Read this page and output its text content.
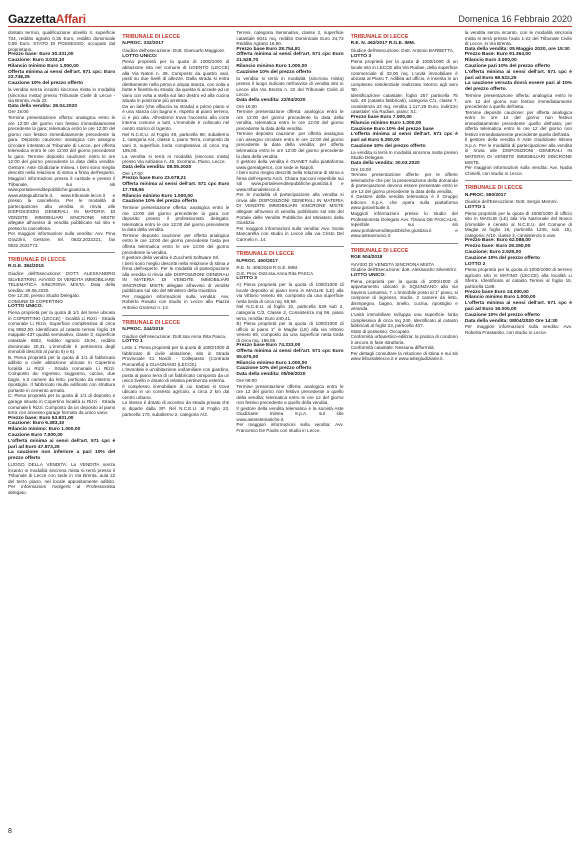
GazzettaAffari	Domenica 16 Febbraio 2020

dostato termici, qualificazione utivello 4, superficie 734, reddito agrario 0,35 Euro, reddito dominicale 0,89 Euro. STATO DI POSSESSO: occupato dal proprietario.

Prezzo base: Euro 30.331,00

Cauzione: Euro 3.033,10

Rilancio minimo Euro 1.000,00

Offerta minima ai sensi dell'art. 571 cpc: Euro 22.748,25

Cauzione 10% del prezzo offerto

la vendita senza incanto sincrona mista in modalità (sincrona mista) presso Tribunale Civile di Lecce - via Brenta, Aula 22.

Data della vendita: 28.04.2020

Ore 15:00

Termine presentazione offerta: analogica entro le ore 12:00 del giorno non festivo immediatamente precedente la gara; telematica entro le ore 12:00 del giorno non festivo immediatamente precedente la gara. Deposito cauzione: analogica con assegno circolare intestato al Tribunale di Lecce, per offerta telematica entro le ore 12:00 del giorno precedente la gara. Termine deposito cauzione: entro le ore 12:00 del giorno precedente la data della vendita. Gestore: Aste Giudiziarie Inlinea. I beni sono meglio descritti nella relazione di stima a firma dell'esperto. Maggiori informazioni presso il custode e presso il Tribunale, sui siti www.portalevenditepubbliche.giustizia.it, www.astegiudiziarie.it, www.tribunale.lecce.it e presso la cancelleria. Per le modalità di partecipazione alla vendita si rinvia alle DISPOSIZIONI GENERALI IN MATERIA DI VENDITE IMMOBILIARI SINCRONE MISTE allegate all'avviso di vendita pubblicato sul sito e presso la cancelleria.

Per maggiori informazioni sulla vendita: Avv. Pina Grazzini, Gestore, tel. 0832.2022221, fax 0832.2022773.

TRIBUNALE DI LECCE

R.G.E. 384/2015

Giudice dell'Esecuzione: DOTT. ALESSANDRO SILVESTRINI. AVVISO DI VENDITA IMMOBILIARE TELEMATICA SINCRONA MISTA. Data della vendita: 29.05.2020.

Ore 12:30, presso Studio Delegato.

COMUNE DI COPERTINO

LOTTO UNICO.

Piena proprietà per la quota di 1/1 del bene ubicato in COPERTINO (LECCE) - località Li Rizzi - Strada comunale Li Rizzi. Superficie complessiva di circa mq 9552,00. Identificato al catasto terreni foglio 19 mappale 437 qualità seminativo, classe 3, superficie catastale 6552, reddito agrario 19,94, reddito dominicale 20,31. L'immobile è pertinenza degli immobili descritti al punto 5) e 6).

B. Piena proprietà per la quota di 1/1 di fabbricato adibito a civile abitazione ubicato in Copertino località Li Rizzi - Strada comunale Li Rizzi. Composto da: ingresso, soggiorno, cucina, due bagni, n.3 camere da letto, porticato da esterno e ripostiglio. Il fabbricato risulta edificato con struttura portante in cemento armato.

C. Piena proprietà per la quota di 1/1 di deposito e garage situato in Copertino località Li Rizzi - Strada comunale li Rizzi. Composto da un deposito al piano terra con annesso garage formato da unico vano.

Prezzo base: Euro 63.831,00

Cauzione: Euro 6.383,10

Rilancio minimo: Euro 1.000,00

Cauzione Euro 7.000,00

L'offerta minima ai sensi dell'art. 571 cpc è pari ad Euro 47.873,25

La cauzione non inferiore a pari 10% del prezzo offerto

LUOGO DELLA VENDITA: La VENDITA senza incanto in modalità sincrona mista si terrà presso il Tribunale di Lecce con sede in Via Brenta, aula 22 del terzo piano, nel locale appositamente adibito. Per informazioni rivolgersi al Professionista delegato.

TRIBUNALE DI LECCE

N.PROC. 332/2017

Giudice dell'esecuzione: Dott. Giancarlo Maggiore.

LOTTO UNICO:

Piena proprietà per la quota di 1000/1000 di abitazione sita nel comune di UGENTO (LECCE) alla Via Natori n. 39. Composto da quattro vani, posti su due livelli di altezze. Dalla strada si entra direttamente nella prima e ampia stanza, con volta a botte e finestra su strada; da questa si accede ad un vano con volta a stella sul lato destro ed alla cucina situata in posizione più arretrata.

Da un lato (che affaccia su strada) a primo piano vi è una stanza con bagno e, rispetto al piano terreno, ci è più alta. All'esterno trova l'accesso alla corte interna comune a tutti. L'immobile è collocato nel centro storico di Ugento.

Nel N.C.E.U. al Foglio 49, particella 86; subalterno 1, categoria A/4, classe 1, piano Terra, composto da vani 3, superficie lorda complessiva di circa mq. 105,00.

La vendita si terrà in modalità (sincrona mista) presso Via Adriatica n. 45, Scorrano. Piano, Lecce.

Data della vendita: 08.05.2020

Ore 17:00

Prezzo base Euro 23.678,21

Offerta minima ai sensi dell'art. 571 cpc Euro 17.758,66

Rilancio minimo Euro 1.000,00

Cauzione 10% del prezzo offerto

Termine presentazione offerta: analogica entro le ore 12:00 del giorno precedente la gara con deposito presso il professionista delegato; telematica entro le ore 12:00 del giorno precedente la data della vendita.

Termine deposito cauzione: per offerta analogica entro le ore 13:00 del giorno precedente l'asta per offerta telematica entro le ore 13:00 del giorno precedente la vendita.

Il gestore della vendita è Zucchetti Software Srl.

I beni sono meglio descritti nella relazione di stima a firma dell'esperto. Per le modalità di partecipazione alla vendita si rinvia alle DISPOSIZIONI GENERALI IN MATERIA DI VENDITE IMMOBILIARI SINCRONE MISTE allegate all'avviso di vendita pubblicato sul sito del Ministero della Giustizia.

Per maggiori informazioni sulla vendita: Avv. Roberto Rosato con studio in Lecce alla Piazza Antonio Gramsci n. 13.

TRIBUNALE DI LECCE

N.PROC. 244/2019

Giudice dell'esecuzione: Dott.ssa Anna Rita Pasca.

LOTTO 1

Lotto 1: Piena proprietà per la quota di 1000/1000 di fabbricato di civile abitazione, sito in Strada Provinciale 41 Nardò - Collepasso (Contrada Porcarella) a GUAGNANO (LECCE).

L'immobile è un'abitazione unifamiliare con giardino, posta al piano terra di un fabbricato composto da un unico livello e dotato di relativa pertinenza esterna.

Il complesso immobiliare di cui trattasi si trova ubicato in un contesto agricolo, a circa 2 km dal centro urbano.

Lo stesso è dotato di accesso da strada privata che si diparte dalla SP. Nel N.C.E.U. al Foglio 22, particella 170, subalterno 2, categoria A/3.

Terreni, categoria Seminativo, classe 2, superficie catastale 6041 mq, reddito Dominicale Euro 24,73 Reddito Agrario 16,60.

Prezzo base Euro 28.754,81

Offerta minima ai sensi dell'art. 571 cpc Euro 21.528,70

Rilancio minimo Euro 1.000,00

Cauzione 10% del prezzo offerto

la vendita si terrà in modalità (sincrona mista) presso il luogo indicato nell'avviso di vendita sito in Lecce alla Via Brenta n. 22 del Tribunale Civile di Lecce.

Data della vendita: 22/04/2020

Ore 16:00

Termine presentazione offerta: analogica entro le ore 12:00 del giorno precedente la data della vendita, telematica entro le ore 12:00 del giorno precedente la data della vendita.

Termine deposito cauzione: per offerta analogica con assegno circolare entro le ore 12:00 del giorno precedente la data della vendita; per offerta telematica entro le ore 12:00 del giorno precedente la data della vendita.

Il gestore della vendita è GIANET sulla piattaforma www.gorealgest.it, con sede in Napoli.

I beni sono meglio descritti nella relazione di stima a firma dell'esperto Arch. Chiara Sacconi reperibile sui siti www.portalevenditepubbliche.giustizia.it e www.tribunalelecce.it.

Per le modalità di partecipazione alla vendita si rinvia alle DISPOSIZIONI GENERALI IN MATERIA DI VENDITE IMMOBILIARI SINCRONE MISTE allegate all'avviso di vendita pubblicato sul sito del Portale delle Vendite Pubbliche del Ministero della Giustizia.

Per maggiori informazioni sulla vendita: Avv. Sonia Mancarella con studio in Lecce alla via Cristo Del Carmelo n. 14.

TRIBUNALE DI LECCE

N.PROC. 450/2017

R.E. N. 406/2018 R.G.E. IMM.

G.E. Prov. Dott.ssa Anna Rita PASCA.

LOTTO 3

A) Piena proprietà per la quota di 1000/1000 di locale deposito al piano terra in MAGLIE (LE) alla via Vittorio Veneto 69, composto da una superficie netta lorda di circa mq. 59,96.

Nel N.C.E.U. al foglio 10, particella 539 sub 2, categoria C/2, Classe 2, Consistenza mq 56, piano terra, rendita: Euro 240,41.

B) Piena proprietà per la quota di 1000/1000 di ufficio al piano 1° in Maglie (LE) alla via Vittorio Veneto 69, composto da una superficie netta lorda di circa mq. 186,55.

Prezzo base Euro 74.233,00

Offerta minima ai sensi dell'art. 571 cpc Euro 55.675,00

Rilancio minimo Euro 1.000,00

Cauzione 10% del prezzo offerto

Data della vendita: 05/06/2020

Ore 09:00

Termine presentazione offerta: analogica entro le ore 12 del giorno non festivo precedente a quello della vendita; telematica entro le ore 12 del giorno non festivo precedente a quello della vendita.

Il gestore della vendita telematica è la società Aste Giudiziarie Inlinea S.p.A. sul sito www.astetelematiche.it.

Per maggiori informazioni sulla vendita: Avv. Francesco De Paolis con studio in Lecce.

TRIBUNALE DI LECCE

R.E. N. 462/2017 R.G.E. IMM.

Giudice dell'esecuzione: Dott. Antonio BARBETTA.

LOTTO 3

Piena proprietà per la quota di 1000/1000 di un locale sito in LECCE alla Via Rudiae, della superficie commerciale di 33,00 mq. L'unità immobiliare è ubicata al Piano T. Adibita ad ufficio, è inserita in un complesso residenziale realizzato intorno agli anni '80.

Identificazione catastale: foglio 257 particella 75 sub. 48 (catasto fabbricati), categoria C/1, classe 7, consistenza 32 mq, rendita 1.117,25 Euro, indirizzo catastale: Via Rudiae, piano: S1.

Prezzo base Euro 7.000,00

Rilancio minimo Euro 1.000,00

Cauzione Euro 10% del prezzo base

L'offerta minima ai sensi dell'art. 571 cpc è pari ad Euro 5.250,00

Cauzione 10% del prezzo offerto

La vendita si terrà in modalità sincrona mista presso Studio Delegato.

Data della vendita: 30.03.2020

Ore 15:00

Termine presentazione offerte: per le offerte telematiche che per la presentazione della domanda di partecipazione devono essere presentate entro le ore 12 del giorno precedente la data della vendita.

Il Gestore della vendita telematica è il Gruppo Edicom S.p.A. che opera sulla piattaforma www.garavirtuale.it.

Maggiori informazioni presso lo studio del Professionista Delegato Avv. Tiziana DE PASCALIS, reperibile sui siti www.portalevenditepubbliche.giustizia.it e www.asteannunci.it.

TRIBUNALE DI LECCE

RGE 504/2018

AVVISO DI VENDITA SINCRONA MISTA

Giudice dell'Esecuzione: dott. Alessandro Silvestrini.

LOTTO UNICO:

Piena proprietà per la quota di 1000/1000 di appartamento ubicato in SQUINZANO alla via Saverio Lamarina, 7. L'immobile posto al 1° piano, si compone di ingresso, studio, 2 camere da letto, disimpegno, bagno, tinello, cucina, ripostiglio e veranda.

L'unità immobiliare sviluppa una superficie lorda complessiva di circa mq 240. Identificato al catasto fabbricati al foglio 23, particella 407.

Stato di possesso: Occupato.

Conformità urbanistico-edilizia: la pratica di condono è ancora in fase istruttoria.

Conformità catastale: Nessuna difformità.

Per dettagli consultare la relazione di stima e sui siti www.tribunalelecce.it e www.astegiudiziarie.it.

la vendita senza incanto, con le modalità sincrona mista si terrà presso l'aula 1-22 del Tribunale Civile di Lecce, in Via Brenta.

Data della vendita: 05 Maggio 2020, ore 15:30

Prezzo Base: Euro 91.363,00

Rilancio Euro 3.000,00

Cauzione pari 10% del prezzo offerto

L'offerta minima ai sensi dell'art. 571 cpc è pari ad Euro 68.522,25

La cauzione versata dovrà essere pari al 10% del prezzo offerto.

Termine presentazione offerta: analogica entro le ore 12 del giorno non festivo immediatamente precedente a quello dell'asta.

Termine deposito cauzione: per offerta analogica entro le ore 12 del giorno non festivo immediatamente precedente quello dell'asta; per offerta telematica entro le ore 12 del giorno non festivo immediatamente precedente quello dell'asta.

Il gestore della vendita è Aste Giudiziarie Inlinea S.p.A. Per le modalità di partecipazione alla vendita si rinvia alle DISPOSIZIONI GENERALI IN MATERIA DI VENDITE IMMOBILIARI SINCRONE MISTE.

Per maggiori informazioni sulla vendita: Avv. Nadia Chirielli, con studio in Lecce.

TRIBUNALE DI LECCE

N.PROC. 590/2017

Giudice dell'Esecuzione: Dott. Sergio Memmi.

LOTTO 1

Piena proprietà per la quota di 1000/1000 di ufficio sito in MAGLIE (LE) alla Via Nazionale del Bosco (immobile è censito al N.C.E.U. del Comune di Maglie al foglio 16, particella 1236, sub. 15), categoria: A/10, classe 2, consistenza 5 vani.

Prezzo Base: Euro 62.088,00

Prezzo base: Euro 29.250,00

Cauzione: Euro 2.925,00

Cauzione 10% del prezzo offerto

LOTTO 2

Piena proprietà per la quota di 1000/1000 di terreno agricolo sito in MATINO (LECCE) alla località Li Sferra. Identificato al catasto Terreni al foglio 15, particella 1189.

Prezzo base Euro 24.000,00

Rilancio minimo Euro 1.000,00

L'offerta minima ai sensi dell'art. 571 cpc è pari ad Euro 18.000,00

Cauzione 10% del prezzo offerto

Data della vendita: 08/04/2020 Ore 14:30

Per maggiori informazioni sulla vendita: Avv. Roberta Frassanito, con studio in Lecce.

8
